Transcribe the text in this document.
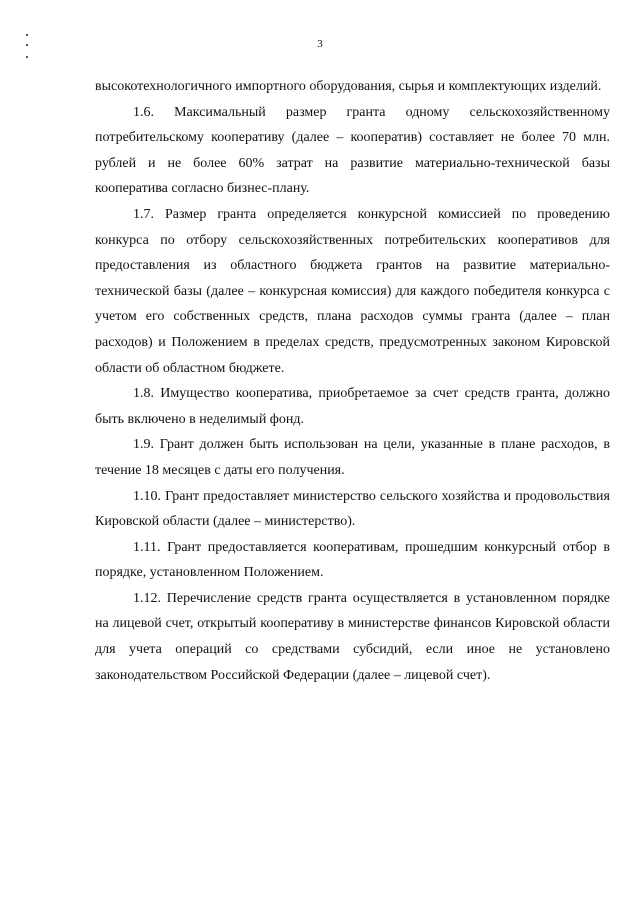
3

высокотехнологичного импортного оборудования, сырья и комплектующих изделий.

1.6. Максимальный размер гранта одному сельскохозяйственному потребительскому кооперативу (далее – кооператив) составляет не более 70 млн. рублей и не более 60% затрат на развитие материально-технической базы кооператива согласно бизнес-плану.

1.7. Размер гранта определяется конкурсной комиссией по проведению конкурса по отбору сельскохозяйственных потребительских кооперативов для предоставления из областного бюджета грантов на развитие материально-технической базы (далее – конкурсная комиссия) для каждого победителя конкурса с учетом его собственных средств, плана расходов суммы гранта (далее – план расходов) и Положением в пределах средств, предусмотренных законом Кировской области об областном бюджете.

1.8. Имущество кооператива, приобретаемое за счет средств гранта, должно быть включено в неделимый фонд.

1.9. Грант должен быть использован на цели, указанные в плане расходов, в течение 18 месяцев с даты его получения.

1.10. Грант предоставляет министерство сельского хозяйства и продовольствия Кировской области (далее – министерство).

1.11. Грант предоставляется кооперативам, прошедшим конкурсный отбор в порядке, установленном Положением.

1.12. Перечисление средств гранта осуществляется в установленном порядке на лицевой счет, открытый кооперативу в министерстве финансов Кировской области для учета операций со средствами субсидий, если иное не установлено законодательством Российской Федерации (далее – лицевой счет).
